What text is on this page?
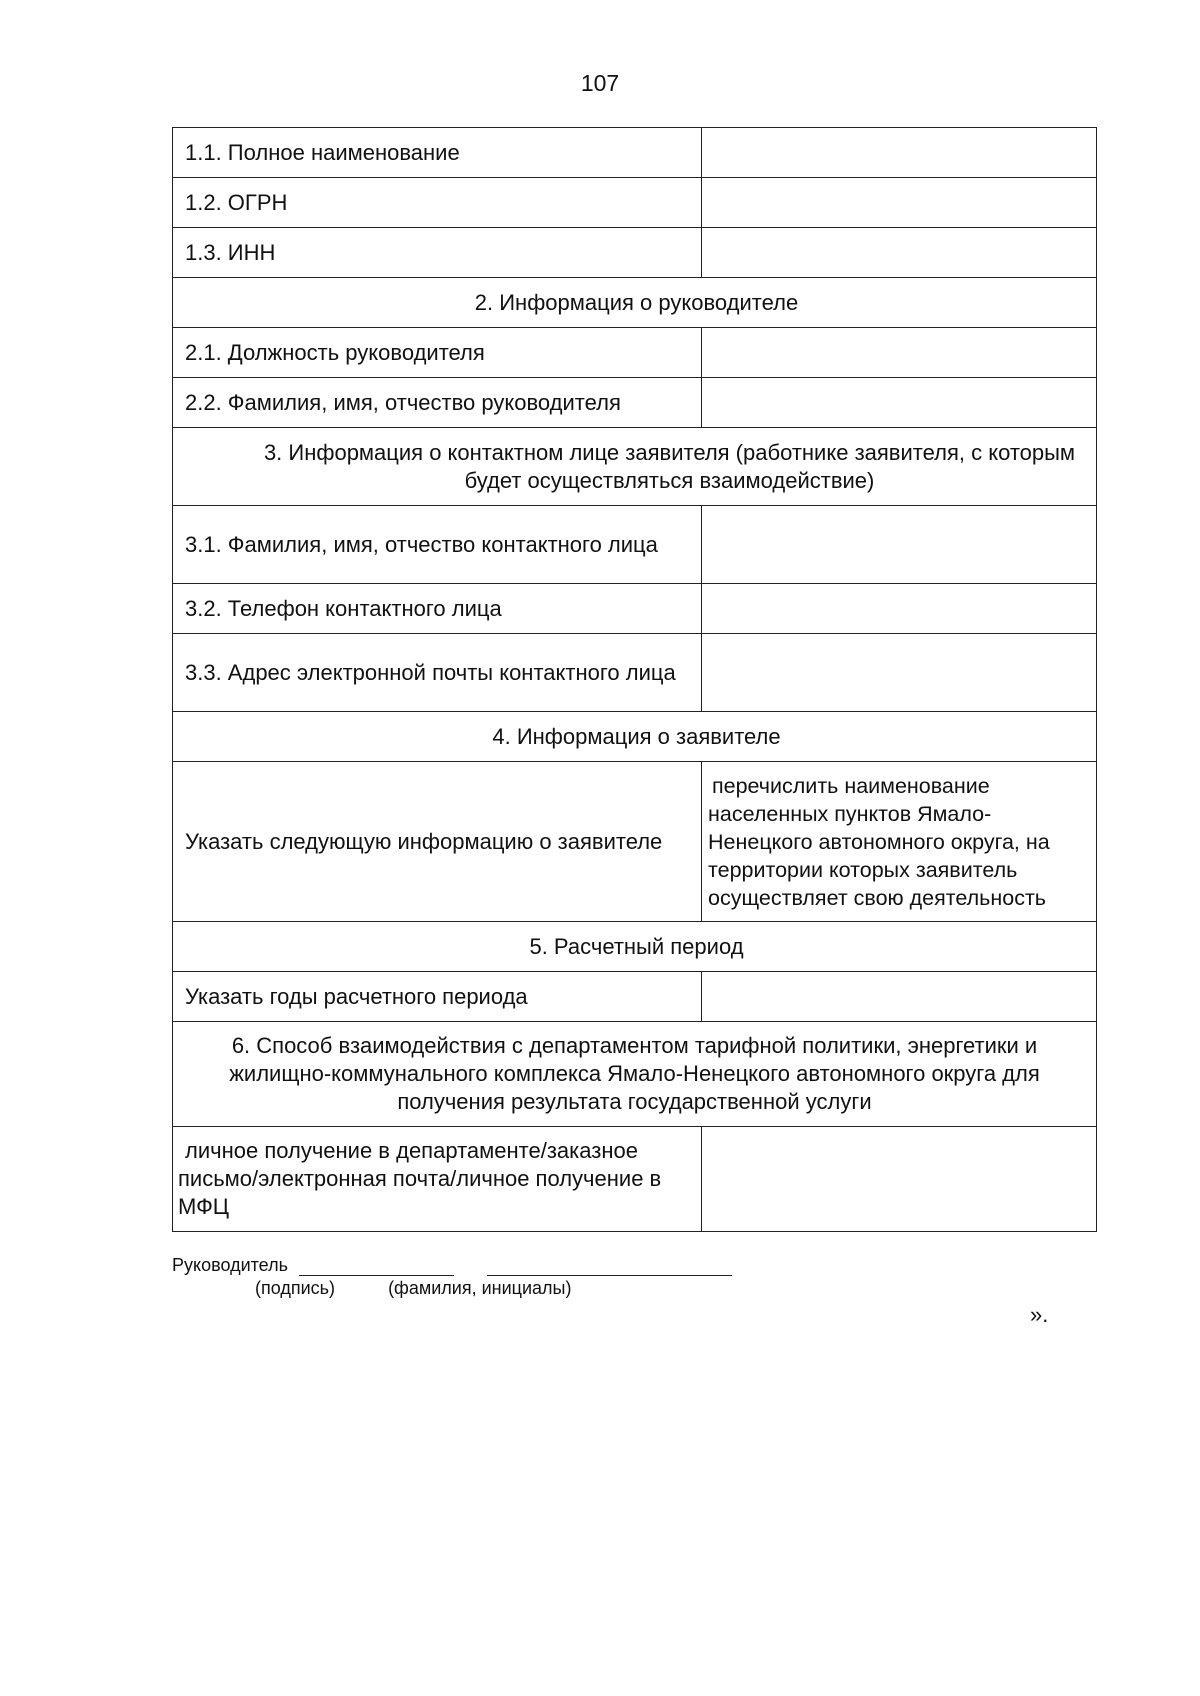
107
1.1. Полное наименование	
1.2. ОГРН	
1.3. ИНН	
2. Информация о руководителе	
2.1. Должность руководителя	
2.2. Фамилия, имя, отчество руководителя	
3. Информация о контактном лице заявителя (работнике заявителя, с которым будет осуществляться взаимодействие)	
3.1. Фамилия, имя, отчество контактного лица	
3.2. Телефон контактного лица	
3.3. Адрес электронной почты контактного лица	
4. Информация о заявителе	
Указать следующую информацию о заявителе	перечислить наименование населенных пунктов Ямало-Ненецкого автономного округа, на территории которых заявитель осуществляет свою деятельность
5. Расчетный период	
Указать годы расчетного периода	
6. Способ взаимодействия с департаментом тарифной политики, энергетики и жилищно-коммунального комплекса Ямало-Ненецкого автономного округа для получения результата государственной услуги	
личное получение в департаменте/заказное письмо/электронная почта/личное получение в МФЦ	
Руководитель
(подпись)	(фамилия, инициалы)
».
